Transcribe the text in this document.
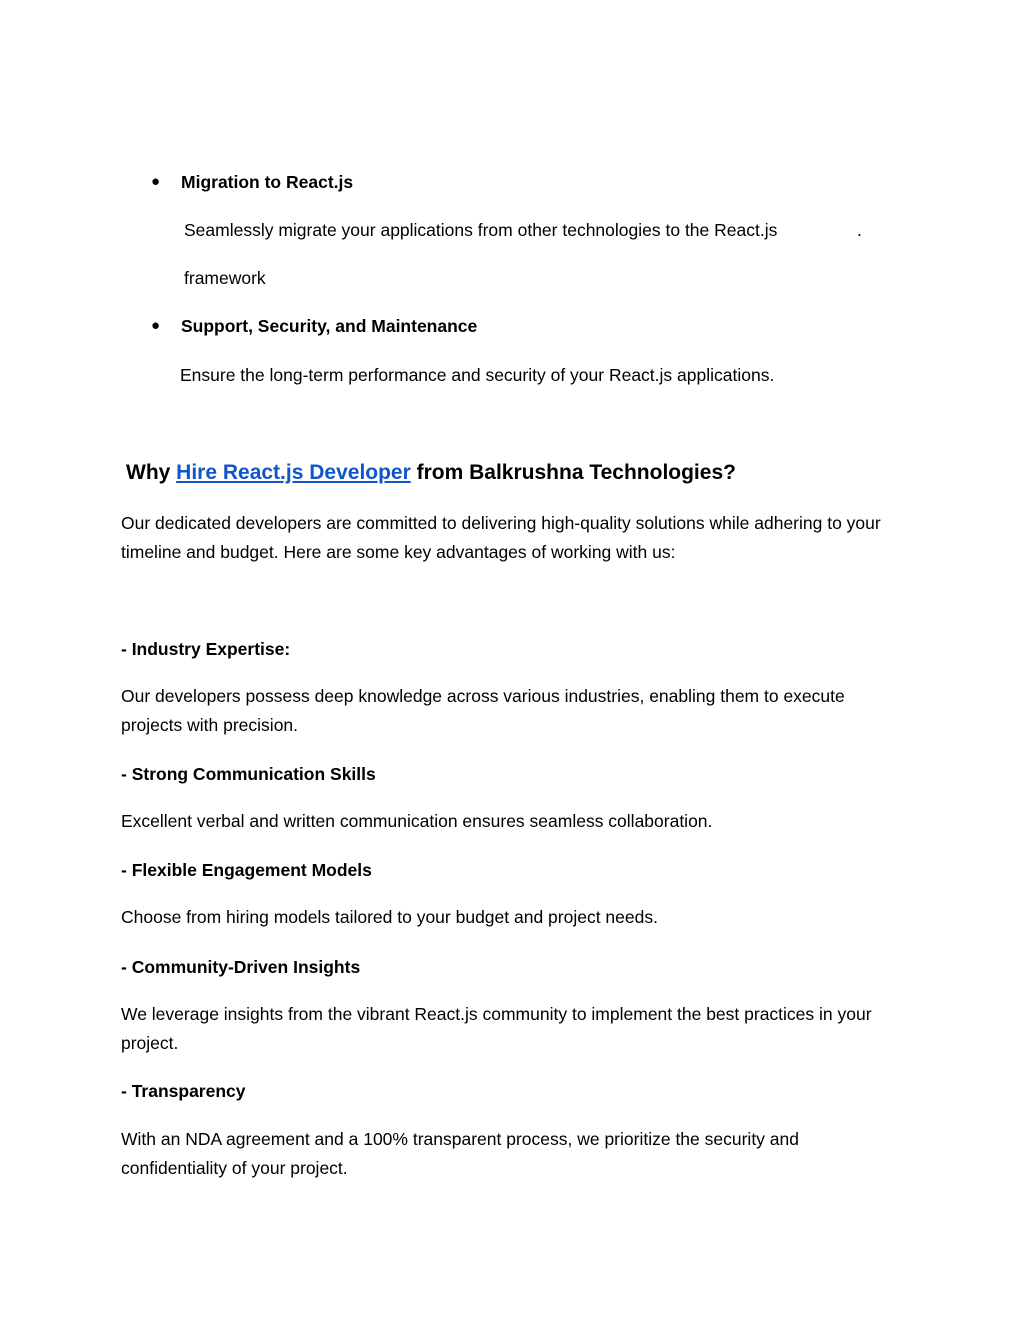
● Migration to React.js
Seamlessly migrate your applications from other technologies to the React.js	.
framework
● Support, Security, and Maintenance
Ensure the long-term performance and security of your React.js applications.
Why Hire React.js Developer from Balkrushna Technologies?

Our dedicated developers are committed to delivering high-quality solutions while adhering to your timeline and budget. Here are some key advantages of working with us:

- Industry Expertise:

Our developers possess deep knowledge across various industries, enabling them to execute projects with precision.

- Strong Communication Skills

Excellent verbal and written communication ensures seamless collaboration.

- Flexible Engagement Models

Choose from hiring models tailored to your budget and project needs.

- Community-Driven Insights

We leverage insights from the vibrant React.js community to implement the best practices in your project.

- Transparency

With an NDA agreement and a 100% transparent process, we prioritize the security and confidentiality of your project.
